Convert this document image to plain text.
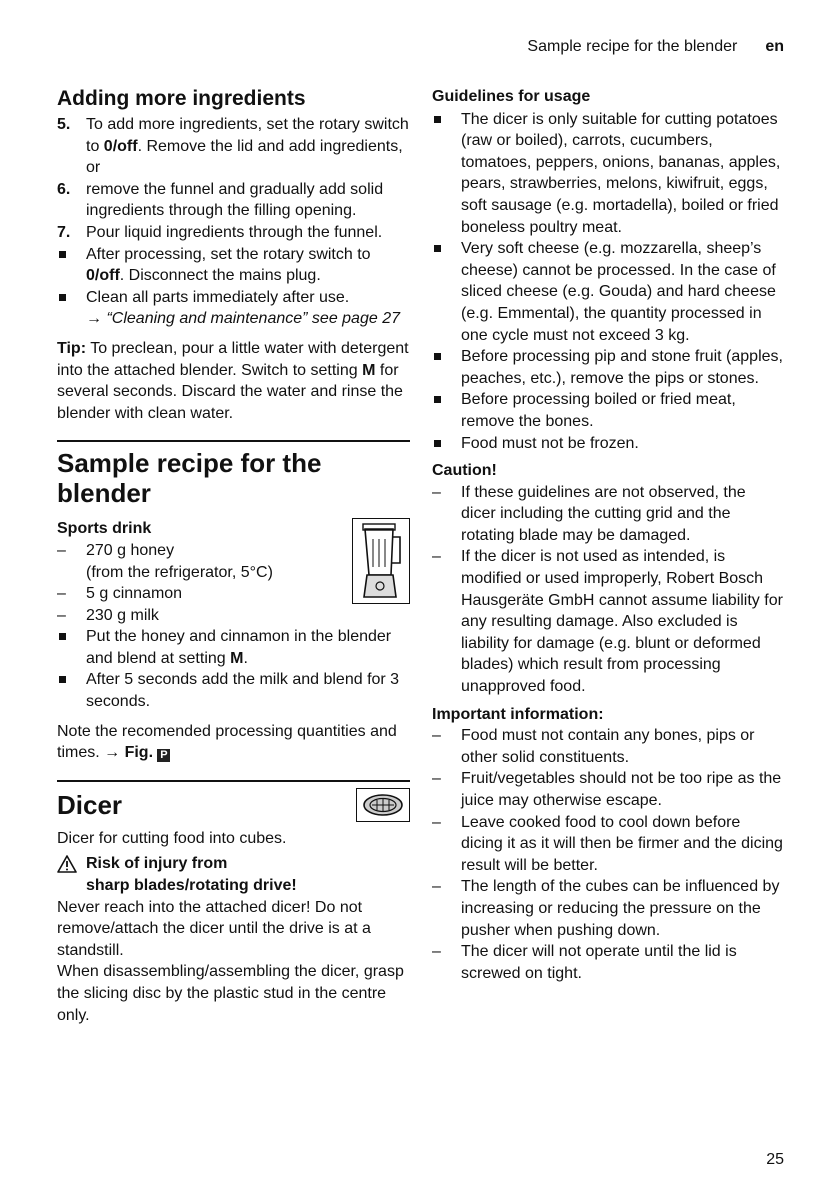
Sample recipe for the blender en
Adding more ingredients
5. To add more ingredients, set the rotary switch to 0/off. Remove the lid and add ingredients, or
6. remove the funnel and gradually add solid ingredients through the filling opening.
7. Pour liquid ingredients through the funnel.
After processing, set the rotary switch to 0/off. Disconnect the mains plug.
Clean all parts immediately after use.
→ “Cleaning and maintenance” see page 27
Tip: To preclean, pour a little water with detergent into the attached blender. Switch to setting M for several seconds. Discard the water and rinse the blender with clean water.
Sample recipe for the blender
Sports drink
–
270 g honey
(from the refrigerator, 5°C)
–
5 g cinnamon
–
230 g milk
Put the honey and cinnamon in the blender and blend at setting M.
After 5 seconds add the milk and blend for 3 seconds.
Note the recomended processing quantities and times. → Fig. P
Dicer
Dicer for cutting food into cubes.
Risk of injury from
sharp blades/rotating drive!
Never reach into the attached dicer! Do not remove/attach the dicer until the drive is at a standstill.
When disassembling/assembling the dicer, grasp the slicing disc by the plastic stud in the centre only.
Guidelines for usage
The dicer is only suitable for cutting potatoes (raw or boiled), carrots, cucumbers, tomatoes, peppers, onions, bananas, apples, pears, strawberries, melons, kiwifruit, eggs, soft sausage (e.g. mortadella), boiled or fried boneless poultry meat.
Very soft cheese (e.g. mozzarella, sheep’s cheese) cannot be processed. In the case of sliced cheese (e.g. Gouda) and hard cheese (e.g. Emmental), the quantity processed in one cycle must not exceed 3 kg.
Before processing pip and stone fruit (apples, peaches, etc.), remove the pips or stones.
Before processing boiled or fried meat, remove the bones.
Food must not be frozen.
Caution!
–
If these guidelines are not observed, the dicer including the cutting grid and the rotating blade may be damaged.
–
If the dicer is not used as intended, is modified or used improperly, Robert Bosch Hausgeräte GmbH cannot assume liability for any resulting damage. Also excluded is liability for damage (e.g. blunt or deformed blades) which result from processing unapproved food.
Important information:
–
Food must not contain any bones, pips or other solid constituents.
–
Fruit/vegetables should not be too ripe as the juice may otherwise escape.
–
Leave cooked food to cool down before dicing it as it will then be firmer and the dicing result will be better.
–
The length of the cubes can be influenced by increasing or reducing the pressure on the pusher when pushing down.
–
The dicer will not operate until the lid is screwed on tight.
25
